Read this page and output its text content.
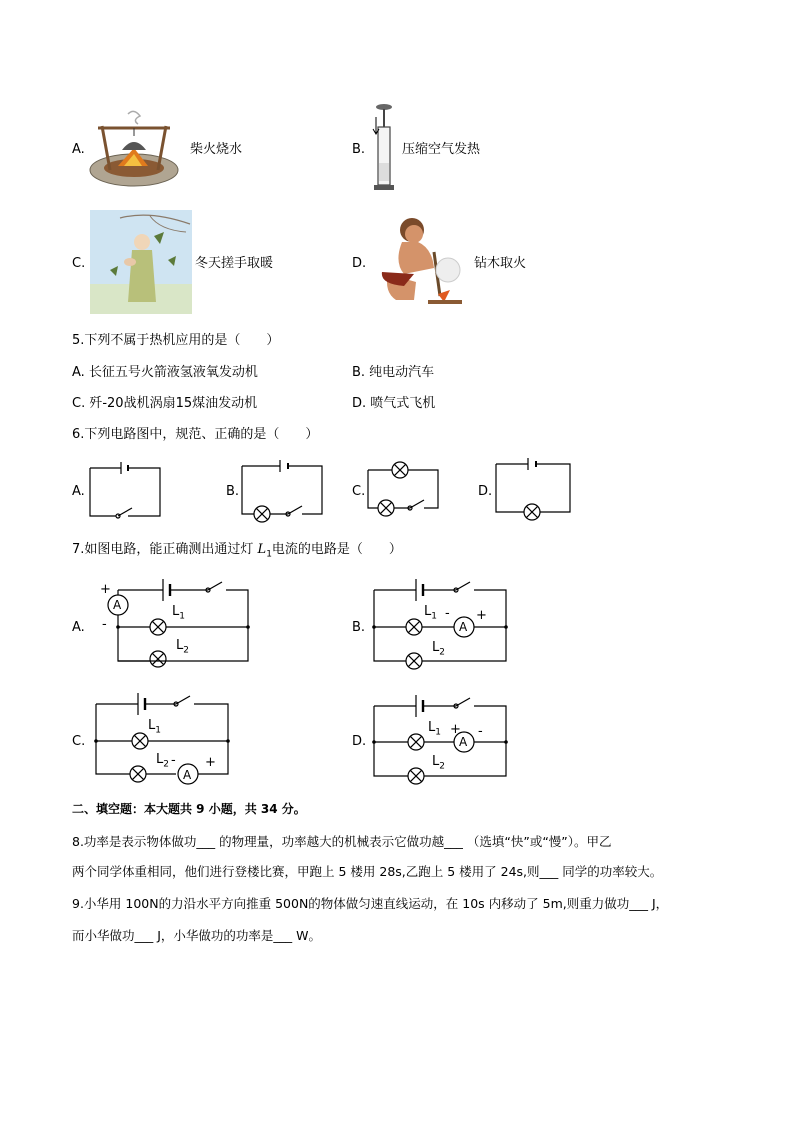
A.	柴火烧水	B.	压缩空气发热
C.	冬天搓手取暖	D.	钻木取火
5.下列不属于热机应用的是（　　）
A. 长征五号火箭液氢液氧发动机	B. 纯电动汽车
C. 歼-20战机涡扇15煤油发动机	D. 喷气式飞机
6.下列电路图中，规范、正确的是（　　）
A.	B.	C.	D.
7.如图电路，能正确测出通过灯 $L_1$电流的电路是（　　）
A.
A
+
-
$L_1$
$L_2$
B.	A
- +
$L_1$
$L_2$
C.
A
- +
$L_1$
$L_2$
D.	A
+ -
$L_1$
$L_2$
二、填空题：本大题共 9 小题，共 34 分。
8.功率是表示物体做功___ 的物理量，功率越大的机械表示它做功越___ （选填“快”或“慢”）。甲乙
两个同学体重相同，他们进行登楼比赛，甲跑上 5 楼用 28s,乙跑上 5 楼用了 24s,则___ 同学的功率较大。
9.小华用 100N的力沿水平方向推重 500N的物体做匀速直线运动，在 10s 内移动了 5m,则重力做功___ J，
而小华做功___ J，小华做功的功率是___ W。
